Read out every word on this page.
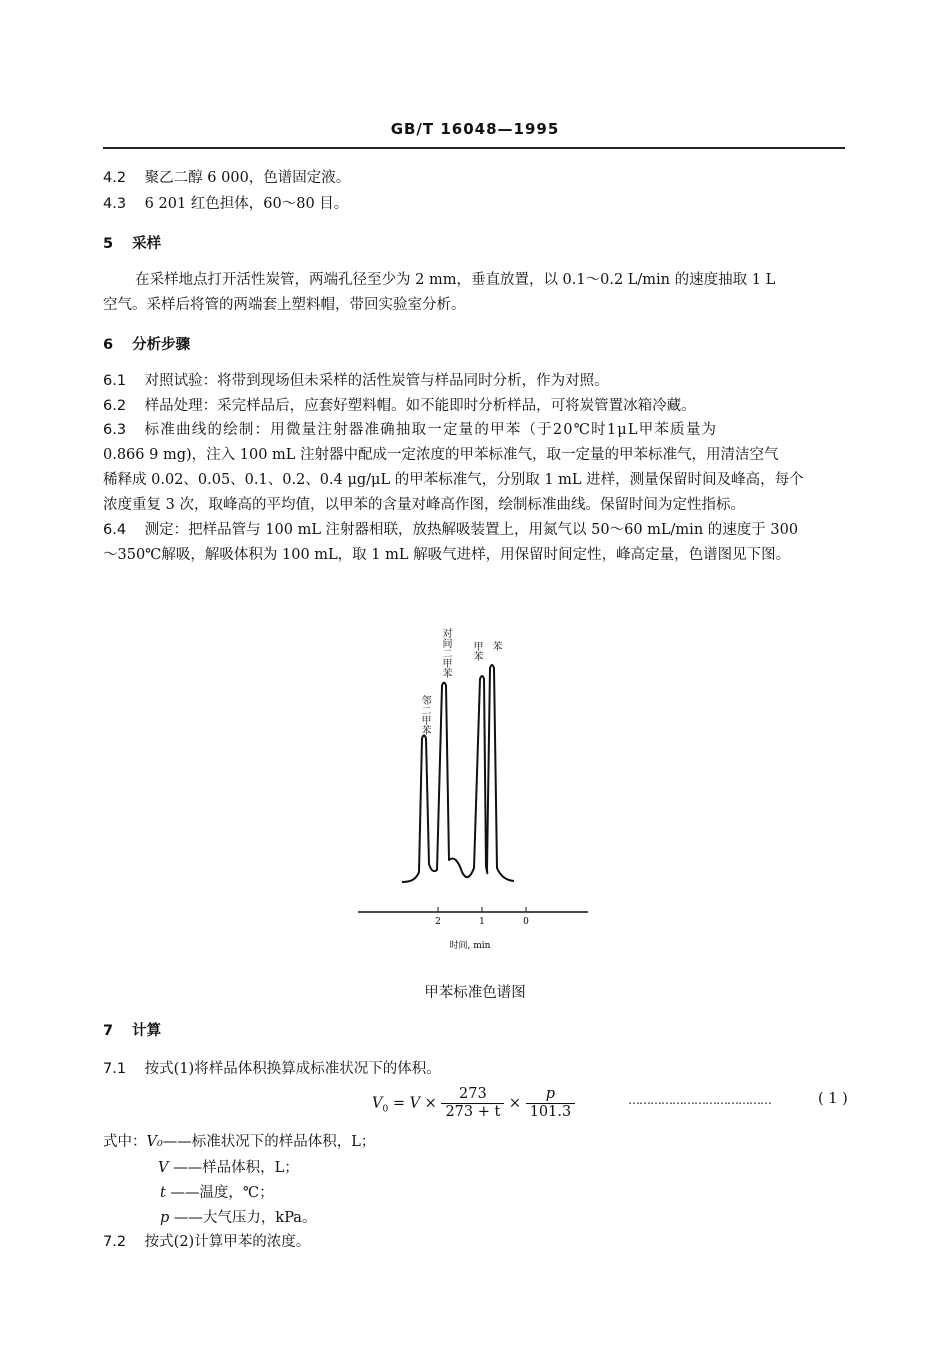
GB/T 16048—1995
4.2 聚乙二醇 6 000，色谱固定液。
4.3 6 201 红色担体，60～80 目。
5 采样
在采样地点打开活性炭管，两端孔径至少为 2 mm，垂直放置，以 0.1～0.2 L/min 的速度抽取 1 L
空气。采样后将管的两端套上塑料帽，带回实验室分析。
6 分析步骤
6.1 对照试验：将带到现场但未采样的活性炭管与样品同时分析，作为对照。
6.2 样品处理：采完样品后，应套好塑料帽。如不能即时分析样品，可将炭管置冰箱冷藏。
6.3 标准曲线的绘制：用微量注射器准确抽取一定量的甲苯（于20℃时1μL甲苯质量为
0.866 9 mg)，注入 100 mL 注射器中配成一定浓度的甲苯标准气，取一定量的甲苯标准气，用清洁空气
稀释成 0.02、0.05、0.1、0.2、0.4 μg/μL 的甲苯标准气，分别取 1 mL 进样，测量保留时间及峰高，每个
浓度重复 3 次，取峰高的平均值，以甲苯的含量对峰高作图，绘制标准曲线。保留时间为定性指标。
6.4 测定：把样品管与 100 mL 注射器相联，放热解吸装置上，用氮气以 50～60 mL/min 的速度于 300
～350℃解吸，解吸体积为 100 mL，取 1 mL 解吸气进样，用保留时间定性，峰高定量，色谱图见下图。
2	1	0
时间, min
邻二甲苯
对间二甲苯 甲苯 苯
甲苯标准色谱图
7 计算
7.1 按式(1)将样品体积换算成标准状况下的体积。
$V_0 = V \times \frac{273}{273 + t} \times \frac{p}{101.3}$	…………………………………	( 1 )
式中：V₀——标准状况下的样品体积，L；
V ——样品体积，L；
t ——温度，℃；
p ——大气压力，kPa。
7.2 按式(2)计算甲苯的浓度。
